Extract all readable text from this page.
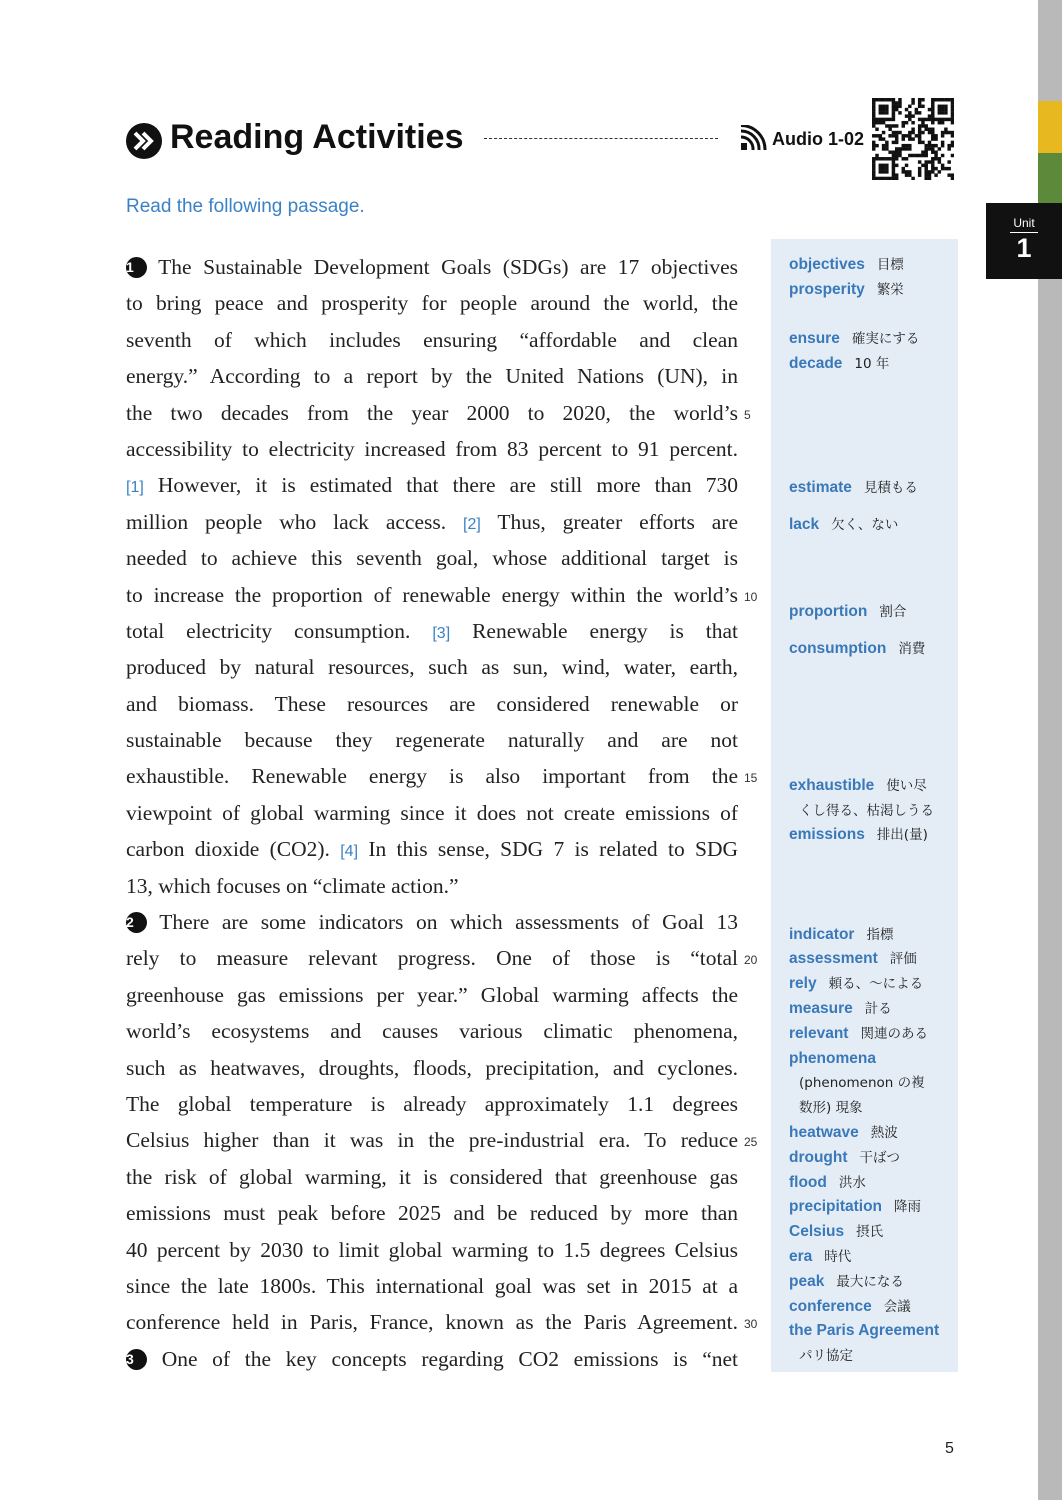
Unit
1
Reading Activities	Audio 1-02
Read the following passage.
1 The Sustainable Development Goals (SDGs) are 17 objectives
to bring peace and prosperity for people around the world, the
seventh of which includes ensuring “affordable and clean
energy.” According to a report by the United Nations (UN), in
the two decades from the year 2000 to 2020, the world’s 5
accessibility to electricity increased from 83 percent to 91 percent.
[1] However, it is estimated that there are still more than 730
million people who lack access. [2] Thus, greater efforts are
needed to achieve this seventh goal, whose additional target is
to increase the proportion of renewable energy within the world’s 10
total electricity consumption. [3] Renewable energy is that
produced by natural resources, such as sun, wind, water, earth,
and biomass. These resources are considered renewable or
sustainable because they regenerate naturally and are not
exhaustible. Renewable energy is also important from the 15
viewpoint of global warming since it does not create emissions of
carbon dioxide (CO2). [4] In this sense, SDG 7 is related to SDG
13, which focuses on “climate action.”
2 There are some indicators on which assessments of Goal 13
rely to measure relevant progress. One of those is “total 20
greenhouse gas emissions per year.” Global warming affects the
world’s ecosystems and causes various climatic phenomena,
such as heatwaves, droughts, floods, precipitation, and cyclones.
The global temperature is already approximately 1.1 degrees
Celsius higher than it was in the pre-industrial era. To reduce 25
the risk of global warming, it is considered that greenhouse gas
emissions must peak before 2025 and be reduced by more than
40 percent by 2030 to limit global warming to 1.5 degrees Celsius
since the late 1800s. This international goal was set in 2015 at a
conference held in Paris, France, known as the Paris Agreement. 30
3 One of the key concepts regarding CO2 emissions is “net
objectives 目標
prosperity 繁栄
ensure 確実にする
decade 10 年
estimate 見積もる
lack 欠く、ない
proportion 割合
consumption 消費
exhaustible 使い尽
くし得る、枯渇しうる
emissions 排出(量)
indicator 指標
assessment 評価
rely 頼る、〜による
measure 計る
relevant 関連のある
phenomena
(phenomenon の複
数形) 現象
heatwave 熱波
drought 干ばつ
flood 洪水
precipitation 降雨
Celsius 摂氏
era 時代
peak 最大になる
conference 会議
the Paris Agreement
パリ協定
5
